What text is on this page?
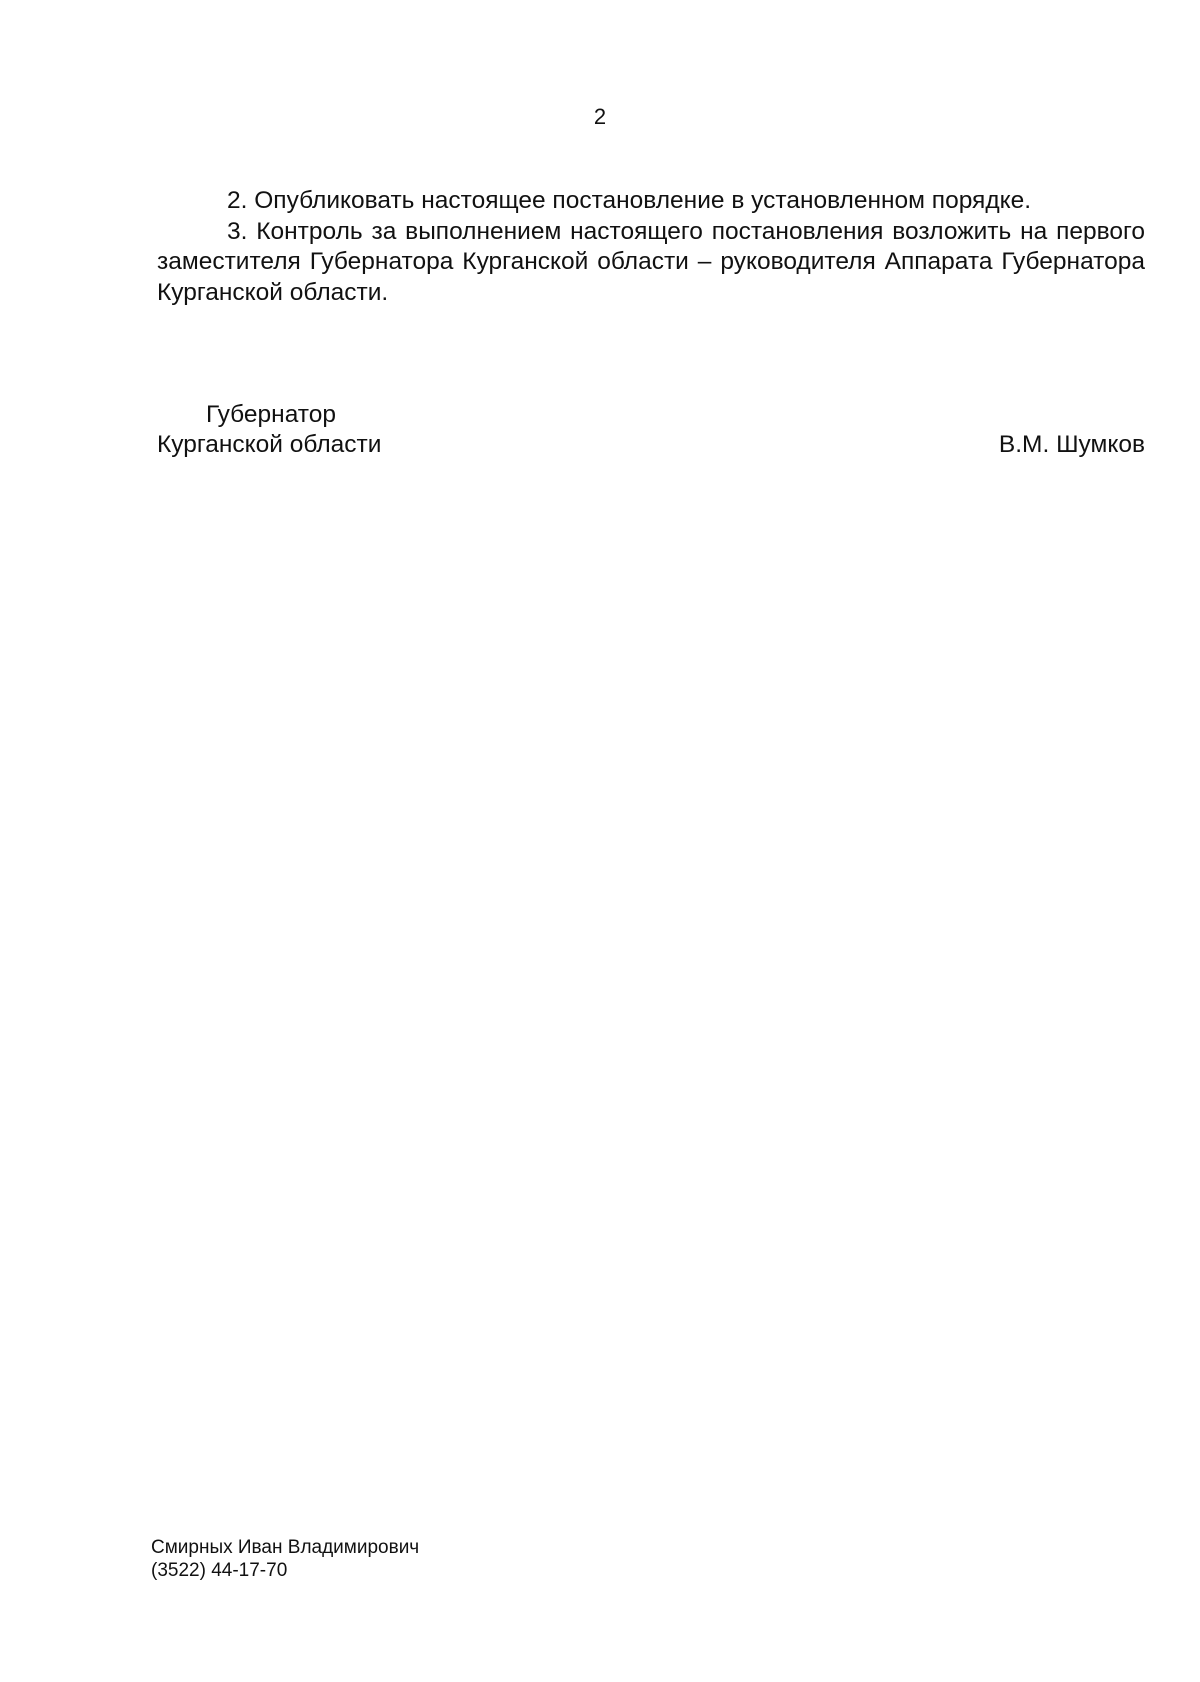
2

2. Опубликовать настоящее постановление в установленном порядке.

3. Контроль за выполнением настоящего постановления возложить на первого заместителя Губернатора Курганской области – руководителя Аппарата Губернатора Курганской области.

Губернатор
Курганской области	В.М. Шумков
Смирных Иван Владимирович
(3522) 44-17-70
